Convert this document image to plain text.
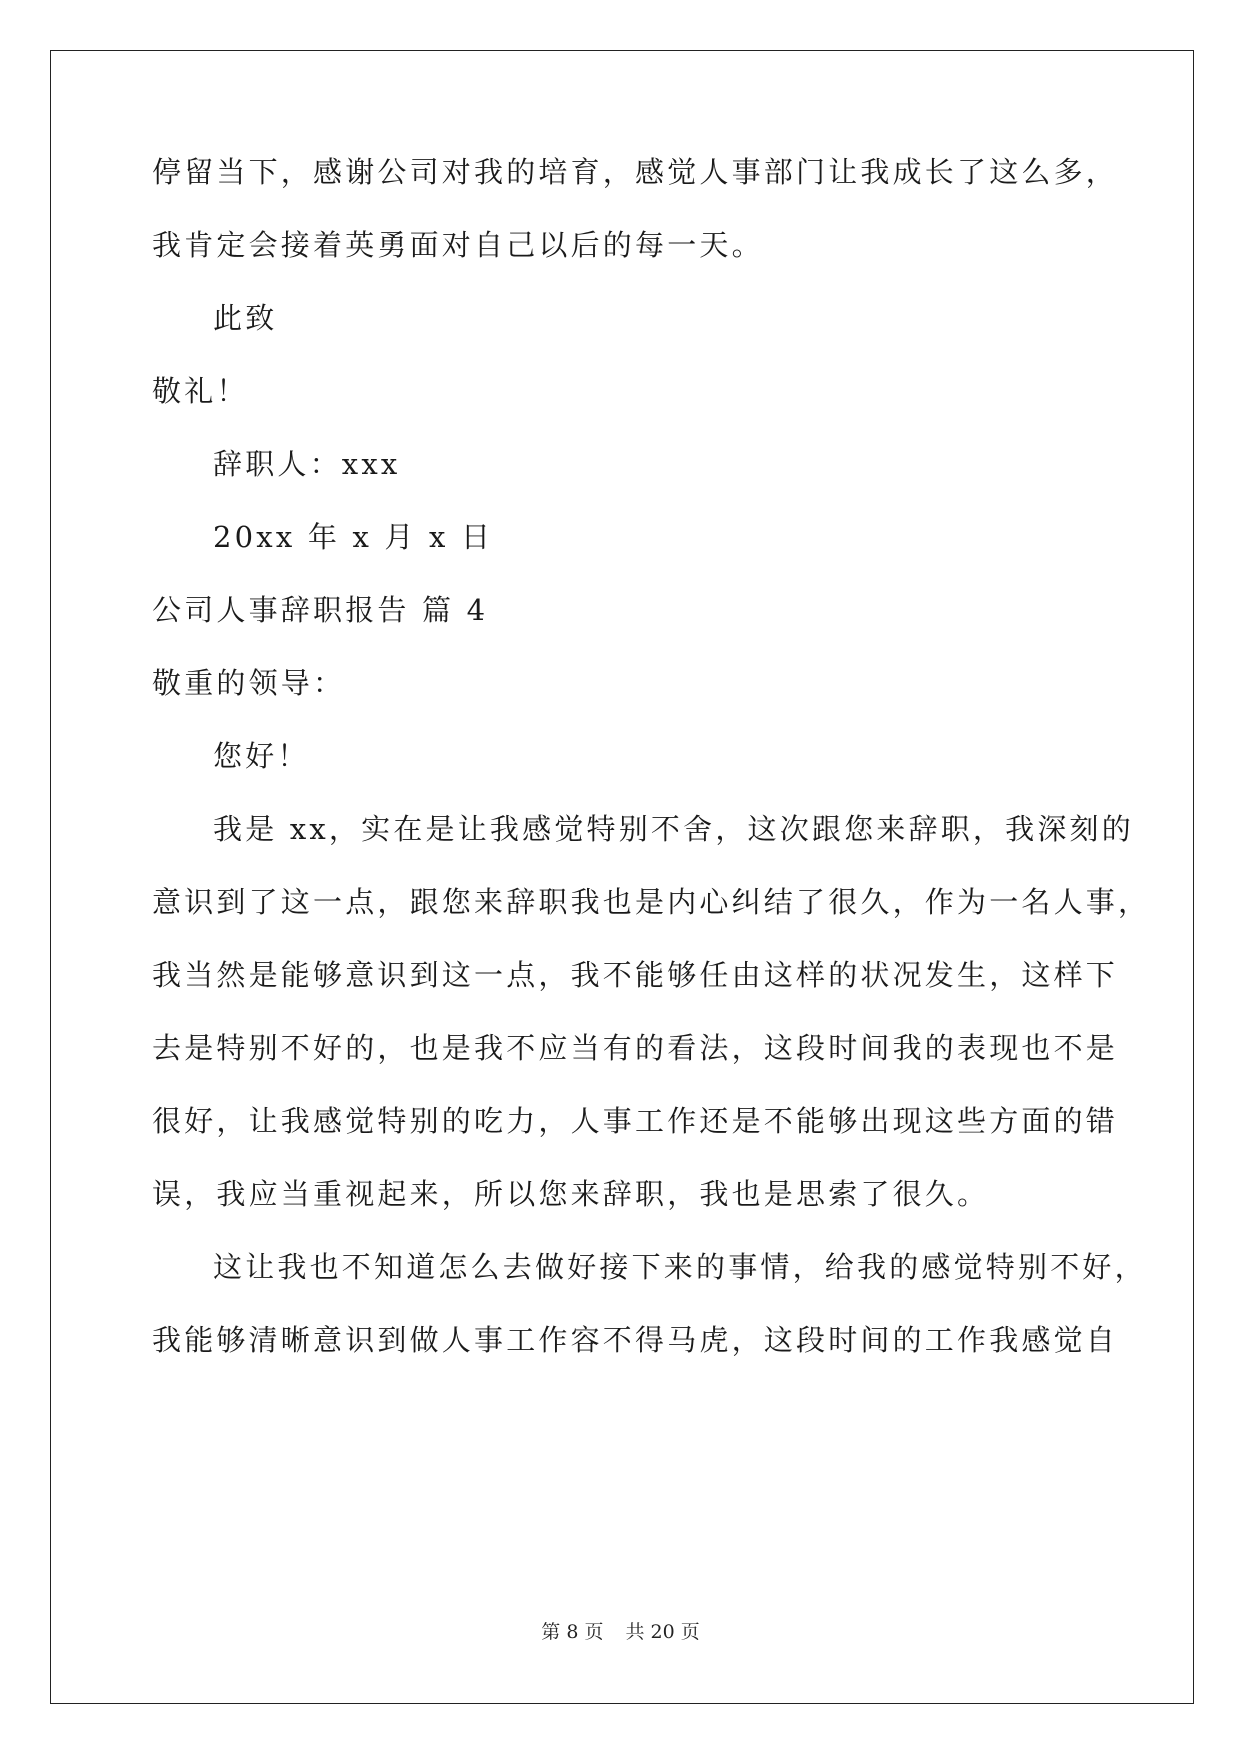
停留当下，感谢公司对我的培育，感觉人事部门让我成长了这么多，
我肯定会接着英勇面对自己以后的每一天。
此致
敬礼！
辞职人：xxx
20xx 年 x 月 x 日
公司人事辞职报告 篇 4
敬重的领导：
您好！
我是 xx，实在是让我感觉特别不舍，这次跟您来辞职，我深刻的
意识到了这一点，跟您来辞职我也是内心纠结了很久，作为一名人事，
我当然是能够意识到这一点，我不能够任由这样的状况发生，这样下
去是特别不好的，也是我不应当有的看法，这段时间我的表现也不是
很好，让我感觉特别的吃力，人事工作还是不能够出现这些方面的错
误，我应当重视起来，所以您来辞职，我也是思索了很久。
这让我也不知道怎么去做好接下来的事情，给我的感觉特别不好，
我能够清晰意识到做人事工作容不得马虎，这段时间的工作我感觉自
第 8 页 共 20 页
